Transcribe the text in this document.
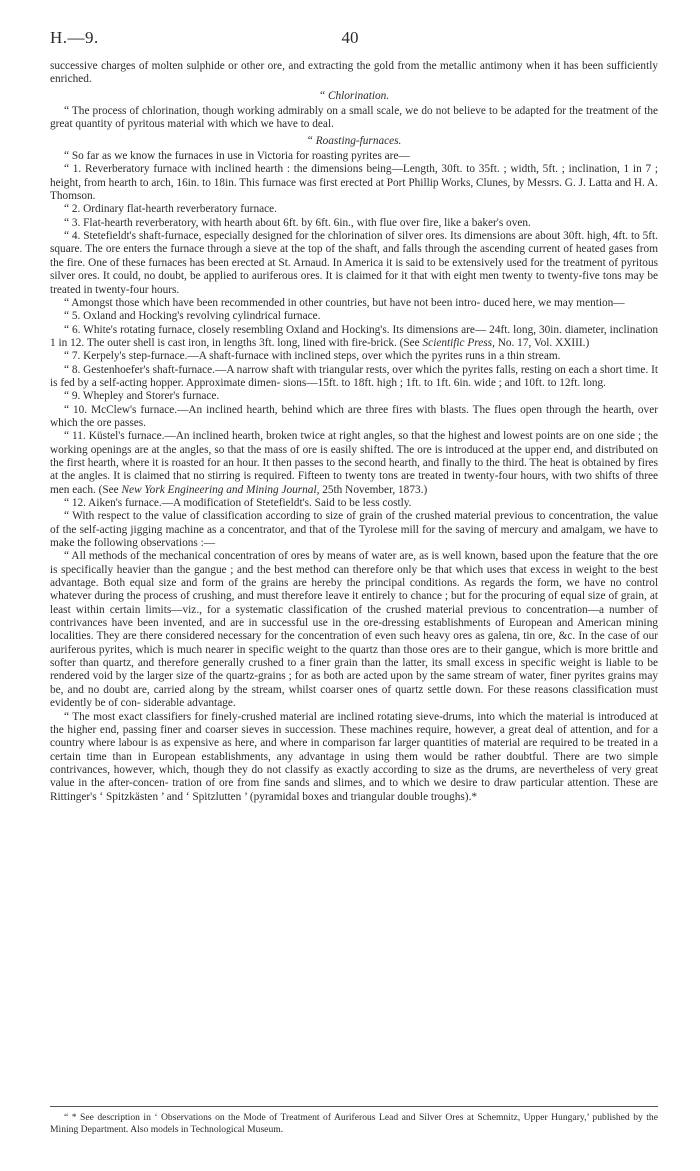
H.—9.	40

successive charges of molten sulphide or other ore, and extracting the gold from the metallic antimony when it has been sufficiently enriched.

“ Chlorination.

“ The process of chlorination, though working admirably on a small scale, we do not believe to be adapted for the treatment of the great quantity of pyritous material with which we have to deal.

“ Roasting-furnaces.

“ So far as we know the furnaces in use in Victoria for roasting pyrites are—

“ 1. Reverberatory furnace with inclined hearth : the dimensions being—Length, 30ft. to 35ft. ; width, 5ft. ; inclination, 1 in 7 ; height, from hearth to arch, 16in. to 18in. This furnace was first erected at Port Phillip Works, Clunes, by Messrs. G. J. Latta and H. A. Thomson.

“ 2. Ordinary flat-hearth reverberatory furnace.

“ 3. Flat-hearth reverberatory, with hearth about 6ft. by 6ft. 6in., with flue over fire, like a baker's oven.

“ 4. Stetefieldt's shaft-furnace, especially designed for the chlorination of silver ores. Its dimensions are about 30ft. high, 4ft. to 5ft. square. The ore enters the furnace through a sieve at the top of the shaft, and falls through the ascending current of heated gases from the fire. One of these furnaces has been erected at St. Arnaud. In America it is said to be extensively used for the treatment of pyritous silver ores. It could, no doubt, be applied to auriferous ores. It is claimed for it that with eight men twenty to twenty-five tons may be treated in twenty-four hours.

“ Amongst those which have been recommended in other countries, but have not been intro- duced here, we may mention—

“ 5. Oxland and Hocking's revolving cylindrical furnace.

“ 6. White's rotating furnace, closely resembling Oxland and Hocking's. Its dimensions are— 24ft. long, 30in. diameter, inclination 1 in 12. The outer shell is cast iron, in lengths 3ft. long, lined with fire-brick. (See Scientific Press, No. 17, Vol. XXIII.)

“ 7. Kerpely's step-furnace.—A shaft-furnace with inclined steps, over which the pyrites runs in a thin stream.

“ 8. Gestenhoefer's shaft-furnace.—A narrow shaft with triangular rests, over which the pyrites falls, resting on each a short time. It is fed by a self-acting hopper. Approximate dimen- sions—15ft. to 18ft. high ; 1ft. to 1ft. 6in. wide ; and 10ft. to 12ft. long.

“ 9. Whepley and Storer's furnace.

“ 10. McClew's furnace.—An inclined hearth, behind which are three fires with blasts. The flues open through the hearth, over which the ore passes.

“ 11. Küstel's furnace.—An inclined hearth, broken twice at right angles, so that the highest and lowest points are on one side ; the working openings are at the angles, so that the mass of ore is easily shifted. The ore is introduced at the upper end, and distributed on the first hearth, where it is roasted for an hour. It then passes to the second hearth, and finally to the third. The heat is obtained by fires at the angles. It is claimed that no stirring is required. Fifteen to twenty tons are treated in twenty-four hours, with two shifts of three men each. (See New York Engineering and Mining Journal, 25th November, 1873.)

“ 12. Aiken's furnace.—A modification of Stetefieldt's. Said to be less costly.

“ With respect to the value of classification according to size of grain of the crushed material previous to concentration, the value of the self-acting jigging machine as a concentrator, and that of the Tyrolese mill for the saving of mercury and amalgam, we have to make the following observations :—

“ All methods of the mechanical concentration of ores by means of water are, as is well known, based upon the feature that the ore is specifically heavier than the gangue ; and the best method can therefore only be that which uses that excess in weight to the best advantage. Both equal size and form of the grains are hereby the principal conditions. As regards the form, we have no control whatever during the process of crushing, and must therefore leave it entirely to chance ; but for the procuring of equal size of grain, at least within certain limits—viz., for a systematic classification of the crushed material previous to concentration—a number of contrivances have been invented, and are in successful use in the ore-dressing establishments of European and American mining localities. They are there considered necessary for the concentration of even such heavy ores as galena, tin ore, &c. In the case of our auriferous pyrites, which is much nearer in specific weight to the quartz than those ores are to their gangue, which is more brittle and softer than quartz, and therefore generally crushed to a finer grain than the latter, its small excess in specific weight is liable to be rendered void by the larger size of the quartz-grains ; for as both are acted upon by the same stream of water, finer pyrites grains may be, and no doubt are, carried along by the stream, whilst coarser ones of quartz settle down. For these reasons classification must evidently be of con- siderable advantage.

“ The most exact classifiers for finely-crushed material are inclined rotating sieve-drums, into which the material is introduced at the higher end, passing finer and coarser sieves in succession. These machines require, however, a great deal of attention, and for a country where labour is as expensive as here, and where in comparison far larger quantities of material are required to be treated in a certain time than in European establishments, any advantage in using them would be rather doubtful. There are two simple contrivances, however, which, though they do not classify as exactly according to size as the drums, are nevertheless of very great value in the after-concen- tration of ore from fine sands and slimes, and to which we desire to draw particular attention. These are Rittinger's ‘ Spitzkästen ’ and ‘ Spitzlutten ’ (pyramidal boxes and triangular double troughs).*

“ * See description in ‘ Observations on the Mode of Treatment of Auriferous Lead and Silver Ores at Schemnitz, Upper Hungary,’ published by the Mining Department. Also models in Technological Museum.
